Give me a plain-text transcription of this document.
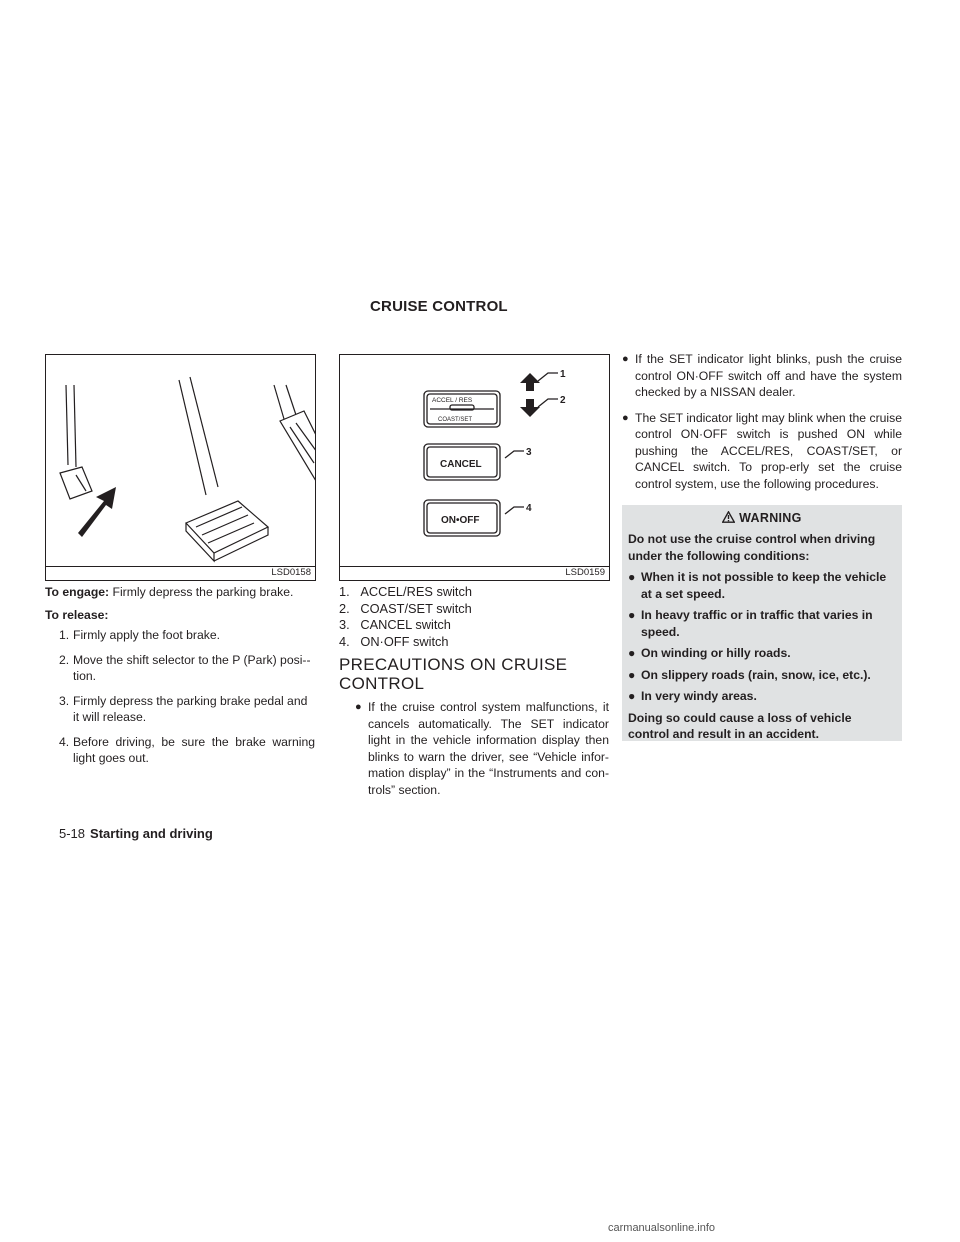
CRUISE CONTROL
LSD0158
ACCEL / RES
COAST/SET
CANCEL
ON•OFF
1
2
3
4
LSD0159
To engage: Firmly depress the parking brake.
To release:
1. Firmly apply the foot brake.
2. Move the shift selector to the P (Park) posi-tion.
3. Firmly depress the parking brake pedal and it will release.
4. Before driving, be sure the brake warning light goes out.
1. ACCEL/RES switch
2. COAST/SET switch
3. CANCEL switch
4. ON·OFF switch
PRECAUTIONS ON CRUISE
CONTROL
● If the cruise control system malfunctions, it cancels automatically. The SET indicator light in the vehicle information display then blinks to warn the driver, see “Vehicle infor-mation display” in the “Instruments and con-trols” section.
● If the SET indicator light blinks, push the cruise control ON·OFF switch off and have the system checked by a NISSAN dealer.
● The SET indicator light may blink when the cruise control ON·OFF switch is pushed ON while pushing the ACCEL/RES, COAST/SET, or CANCEL switch. To prop-erly set the cruise control system, use the following procedures.
WARNING
Do not use the cruise control when driving under the following conditions:
● When it is not possible to keep the vehicle at a set speed.
● In heavy traffic or in traffic that varies in speed.
● On winding or hilly roads.
● On slippery roads (rain, snow, ice, etc.).
● In very windy areas.
Doing so could cause a loss of vehicle control and result in an accident.
5-18 Starting and driving
carmanualsonline.info
